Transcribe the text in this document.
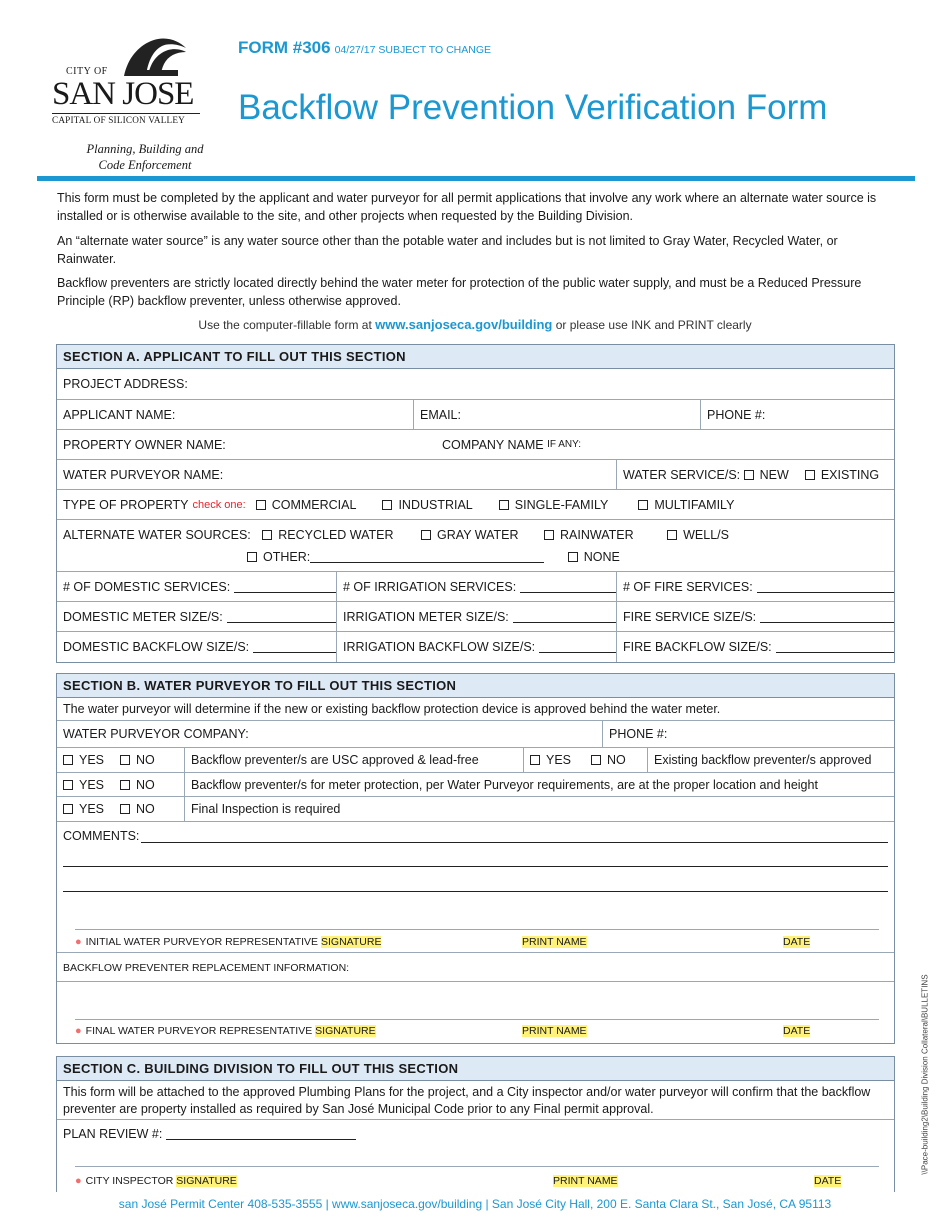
CITY OF
SAN JOSE
CAPITAL OF SILICON VALLEY
Planning, Building and
Code Enforcement
FORM #306 04/27/17 SUBJECT TO CHANGE
Backflow Prevention Verification Form
This form must be completed by the applicant and water purveyor for all permit applications that involve any work where an alternate water source is installed or is otherwise available to the site, and other projects when requested by the Building Division.
An “alternate water source” is any water source other than the potable water and includes but is not limited to Gray Water, Recycled Water, or Rainwater.
Backflow preventers are strictly located directly behind the water meter for protection of the public water supply, and must be a Reduced Pressure Principle (RP) backflow preventer, unless otherwise approved.
Use the computer-fillable form at www.sanjoseca.gov/building or please use INK and PRINT clearly
SECTION A. APPLICANT TO FILL OUT THIS SECTION
PROJECT ADDRESS:
APPLICANT NAME:	EMAIL:	PHONE #:
PROPERTY OWNER NAME:	COMPANY NAME
IF ANY:
WATER PURVEYOR NAME:	WATER SERVICE/S:
NEW	EXISTING
TYPE OF PROPERTY check one: COMMERCIAL	INDUSTRIAL	SINGLE-FAMILY	MULTIFAMILY
ALTERNATE WATER SOURCES: RECYCLED WATER	GRAY WATER	RAINWATER	WELL/S
OTHER:	NONE
# OF DOMESTIC SERVICES:	# OF IRRIGATION SERVICES:	# OF FIRE SERVICES:
DOMESTIC METER SIZE/S:	IRRIGATION METER SIZE/S:	FIRE SERVICE SIZE/S:
DOMESTIC BACKFLOW SIZE/S:	IRRIGATION BACKFLOW SIZE/S:	FIRE BACKFLOW SIZE/S:
SECTION B. WATER PURVEYOR TO FILL OUT THIS SECTION
The water purveyor will determine if the new or existing backflow protection device is approved behind the water meter.
WATER PURVEYOR COMPANY:	PHONE #:
YES	NO	Backflow preventer/s are USC approved & lead-free	YES	NO	Existing backflow preventer/s approved
YES	NO	Backflow preventer/s for meter protection, per Water Purveyor requirements, are at the proper location and height
YES	NO	Final Inspection is required
COMMENTS:
● INITIAL WATER PURVEYOR REPRESENTATIVE SIGNATURE	PRINT NAME	DATE
BACKFLOW PREVENTER REPLACEMENT INFORMATION:
● FINAL WATER PURVEYOR REPRESENTATIVE SIGNATURE	PRINT NAME	DATE
SECTION C. BUILDING DIVISION TO FILL OUT THIS SECTION
This form will be attached to the approved Plumbing Plans for the project, and a City inspector and/or water purveyor will confirm that the backflow preventer are property installed as required by San José Municipal Code prior to any Final permit approval.
PLAN REVIEW #:
● CITY INSPECTOR SIGNATURE	PRINT NAME	DATE
\\Pace-building2\Building Division Collateral\BULLETINS
san José Permit Center 408-535-3555 | www.sanjoseca.gov/building | San José City Hall, 200 E. Santa Clara St., San José, CA 95113
